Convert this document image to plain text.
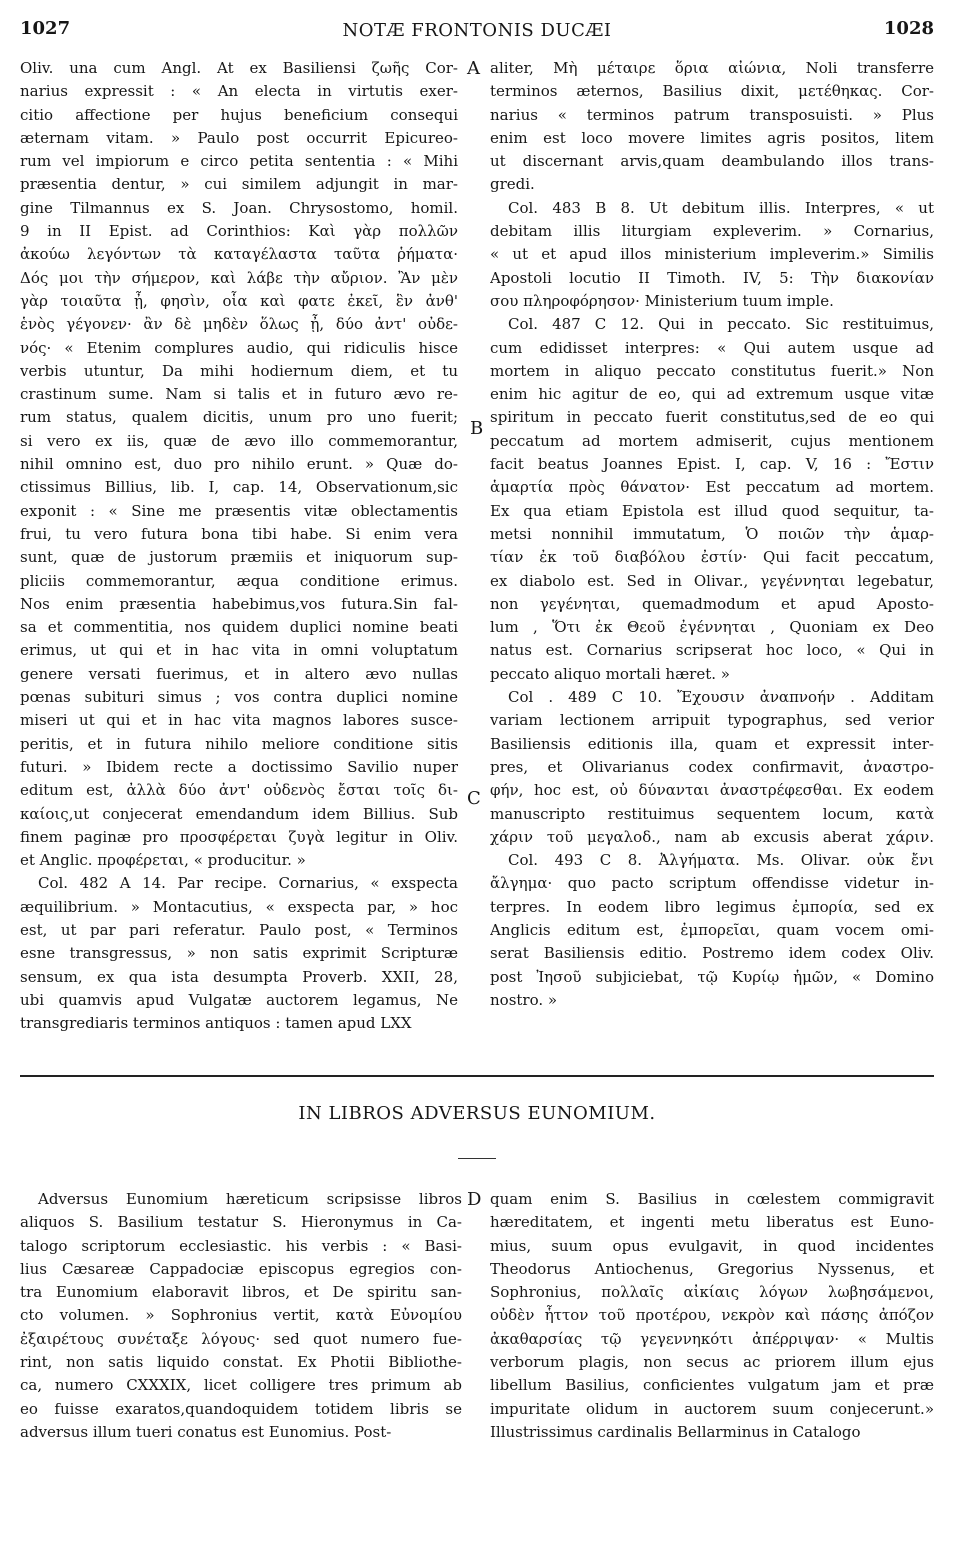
1027	NOTÆ FRONTONIS DUCÆI	1028
Oliv. una cum Angl. At ex Basiliensi ζωῆς Cor-
narius expressit : « An electa in virtutis exer-
citio affectione per hujus beneficium consequi
æternam vitam. » Paulo post occurrit Epicureo-
rum vel impiorum e circo petita sententia : « Mihi
præsentia dentur, » cui similem adjungit in mar-
gine Tilmannus ex S. Joan. Chrysostomo, homil.
9 in II Epist. ad Corinthios: Καὶ γὰρ πολλῶν
ἀκούω λεγόντων τὰ καταγέλαστα ταῦτα ῥήματα·
Δός μοι τὴν σήμερον, καὶ λάβε τὴν αὔριον. Ἂν μὲν
γὰρ τοιαῦτα ᾖ, φησὶν, οἷα καὶ φατε ἐκεῖ, ἓν ἀνθ'
ἑνὸς γέγονεν· ἂν δὲ μηδὲν ὅλως ᾖ, δύο ἀντ' οὐδε-
νός· « Etenim complures audio, qui ridiculis hisce
verbis utuntur, Da mihi hodiernum diem, et tu
crastinum sume. Nam si talis et in futuro ævo re-
rum status, qualem dicitis, unum pro uno fuerit;
si vero ex iis, quæ de ævo illo commemorantur,
nihil omnino est, duo pro nihilo erunt. » Quæ do-
ctissimus Billius, lib. I, cap. 14, Observationum,sic
exponit : « Sine me præsentis vitæ oblectamentis
frui, tu vero futura bona tibi habe. Si enim vera
sunt, quæ de justorum præmiis et iniquorum sup-
pliciis commemorantur, æqua conditione erimus.
Nos enim præsentia habebimus,vos futura.Sin fal-
sa et commentitia, nos quidem duplici nomine beati
erimus, ut qui et in hac vita in omni voluptatum
genere versati fuerimus, et in altero ævo nullas
pœnas subituri simus ; vos contra duplici nomine
miseri ut qui et in hac vita magnos labores susce-
peritis, et in futura nihilo meliore conditione sitis
futuri. » Ibidem recte a doctissimo Savilio nuper
editum est, ἀλλὰ δύο ἀντ' οὐδενὸς ἔσται τοῖς δι-
καίοις,ut conjecerat emendandum idem Billius. Sub
finem paginæ pro προσφέρεται ζυγὰ legitur in Oliv.
et Anglic. προφέρεται, « producitur. »
Col. 482 A 14. Par recipe. Cornarius, « exspecta
æquilibrium. » Montacutius, « exspecta par, » hoc
est, ut par pari referatur. Paulo post, « Terminos
esne transgressus, » non satis exprimit Scripturæ
sensum, ex qua ista desumpta Proverb. XXII, 28,
ubi quamvis apud Vulgatæ auctorem legamus, Ne
transgrediaris terminos antiquos : tamen apud LXX
aliter, Μὴ μέταιρε ὅρια αἰώνια, Noli transferre
terminos æternos, Basilius dixit, μετέθηκας. Cor-
narius « terminos patrum transposuisti. » Plus
enim est loco movere limites agris positos, litem
ut discernant arvis,quam deambulando illos trans-
gredi.
Col. 483 B 8. Ut debitum illis. Interpres, « ut
debitam illis liturgiam expleverim. » Cornarius,
« ut et apud illos ministerium impleverim.» Similis
Apostoli locutio II Timoth. IV, 5: Τὴν διακονίαν
σου πληροφόρησον· Ministerium tuum imple.
Col. 487 C 12. Qui in peccato. Sic restituimus,
cum edidisset interpres: « Qui autem usque ad
mortem in aliquo peccato constitutus fuerit.» Non
enim hic agitur de eo, qui ad extremum usque vitæ
spiritum in peccato fuerit constitutus,sed de eo qui
peccatum ad mortem admiserit, cujus mentionem
facit beatus Joannes Epist. I, cap. V, 16 : Ἔστιν
ἁμαρτία πρὸς θάνατον· Est peccatum ad mortem.
Ex qua etiam Epistola est illud quod sequitur, ta-
metsi nonnihil immutatum, Ὁ ποιῶν τὴν ἁμαρ-
τίαν ἐκ τοῦ διαβόλου ἐστίν· Qui facit peccatum,
ex diabolo est. Sed in Olivar., γεγέννηται legebatur,
non γεγένηται, quemadmodum et apud Aposto-
lum , Ὅτι ἐκ Θεοῦ ἐγέννηται , Quoniam ex Deo
natus est. Cornarius scripserat hoc loco, « Qui in
peccato aliquo mortali hæret. »
Col . 489 C 10. Ἔχουσιν ἀναπνοήν . Additam
variam lectionem arripuit typographus, sed verior
Basiliensis editionis illa, quam et expressit inter-
pres, et Olivarianus codex confirmavit, ἀναστρο-
φήν, hoc est, οὐ δύνανται ἀναστρέφεσθαι. Ex eodem
manuscripto restituimus sequentem locum, κατὰ
χάριν τοῦ μεγαλοδ., nam ab excusis aberat χάριν.
Col. 493 C 8. Ἀλγήματα. Ms. Olivar. οὐκ ἔνι
ἄλγημα· quo pacto scriptum offendisse videtur in-
terpres. In eodem libro legimus ἐμπορία, sed ex
Anglicis editum est, ἐμπορεῖαι, quam vocem omi-
serat Basiliensis editio. Postremo idem codex Oliv.
post Ἰησοῦ subjiciebat, τῷ Κυρίῳ ἡμῶν, « Domino
nostro. »
A
B
C
IN LIBROS ADVERSUS EUNOMIUM.
D
Adversus Eunomium hæreticum scripsisse libros
aliquos S. Basilium testatur S. Hieronymus in Ca-
talogo scriptorum ecclesiastic. his verbis : « Basi-
lius Cæsareæ Cappadociæ episcopus egregios con-
tra Eunomium elaboravit libros, et De spiritu san-
cto volumen. » Sophronius vertit, κατὰ Εὐνομίου
ἐξαιρέτους συνέταξε λόγους· sed quot numero fue-
rint, non satis liquido constat. Ex Photii Bibliothe-
ca, numero CXXXIX, licet colligere tres primum ab
eo fuisse exaratos,quandoquidem totidem libris se
adversus illum tueri conatus est Eunomius. Post-
quam enim S. Basilius in cœlestem commigravit
hæreditatem, et ingenti metu liberatus est Euno-
mius, suum opus evulgavit, in quod incidentes
Theodorus Antiochenus, Gregorius Nyssenus, et
Sophronius, πολλαῖς αἰκίαις λόγων λωβησάμενοι,
οὐδὲν ἧττον τοῦ προτέρου, νεκρὸν καὶ πάσης ἀπόζον
ἀκαθαρσίας τῷ γεγεννηκότι ἀπέρριψαν· « Multis
verborum plagis, non secus ac priorem illum ejus
libellum Basilius, conficientes vulgatum jam et præ
impuritate olidum in auctorem suum conjecerunt.»
Illustrissimus cardinalis Bellarminus in Catalogo
